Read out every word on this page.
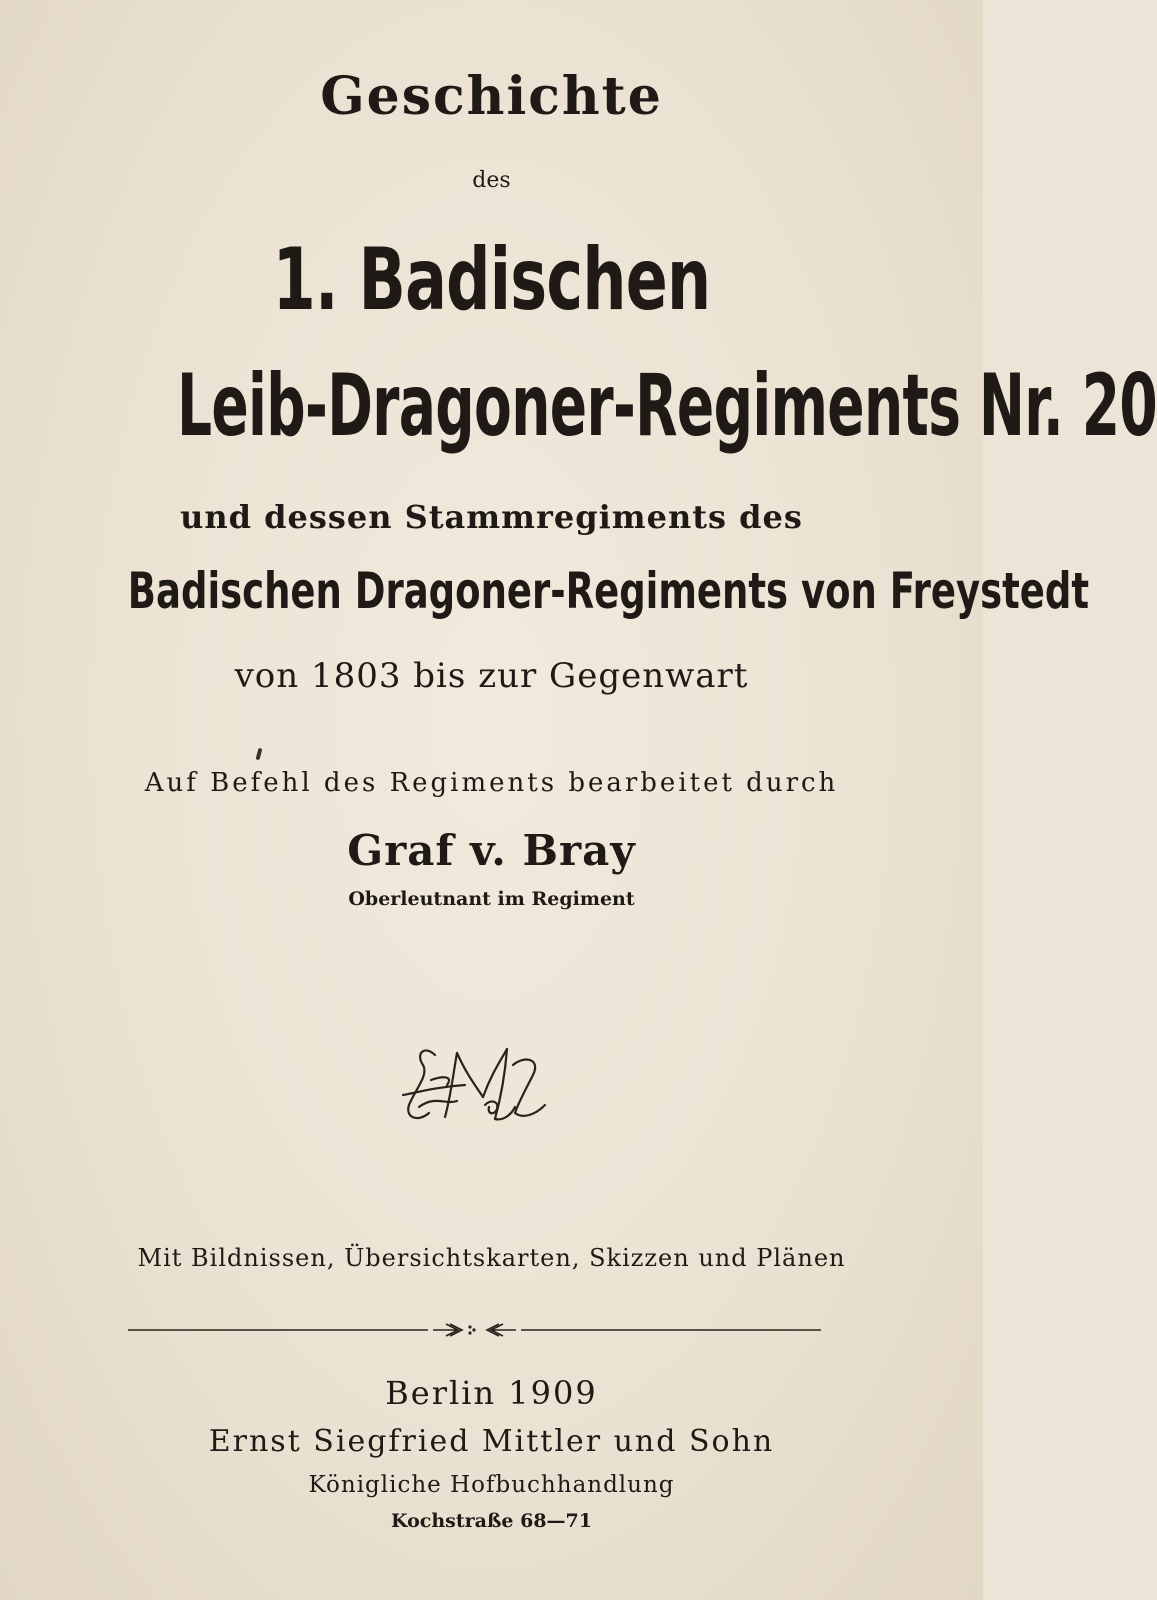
Geschichte
des
1. Badischen
Leib-Dragoner-Regiments Nr. 20
und dessen Stammregiments des
Badischen Dragoner-Regiments von Freystedt
von 1803 bis zur Gegenwart
Auf Befehl des Regiments bearbeitet durch
Graf v. Bray
Oberleutnant im Regiment
Mit Bildnissen, Übersichtskarten, Skizzen und Plänen
Berlin 1909
Ernst Siegfried Mittler und Sohn
Königliche Hofbuchhandlung
Kochstraße 68—71
